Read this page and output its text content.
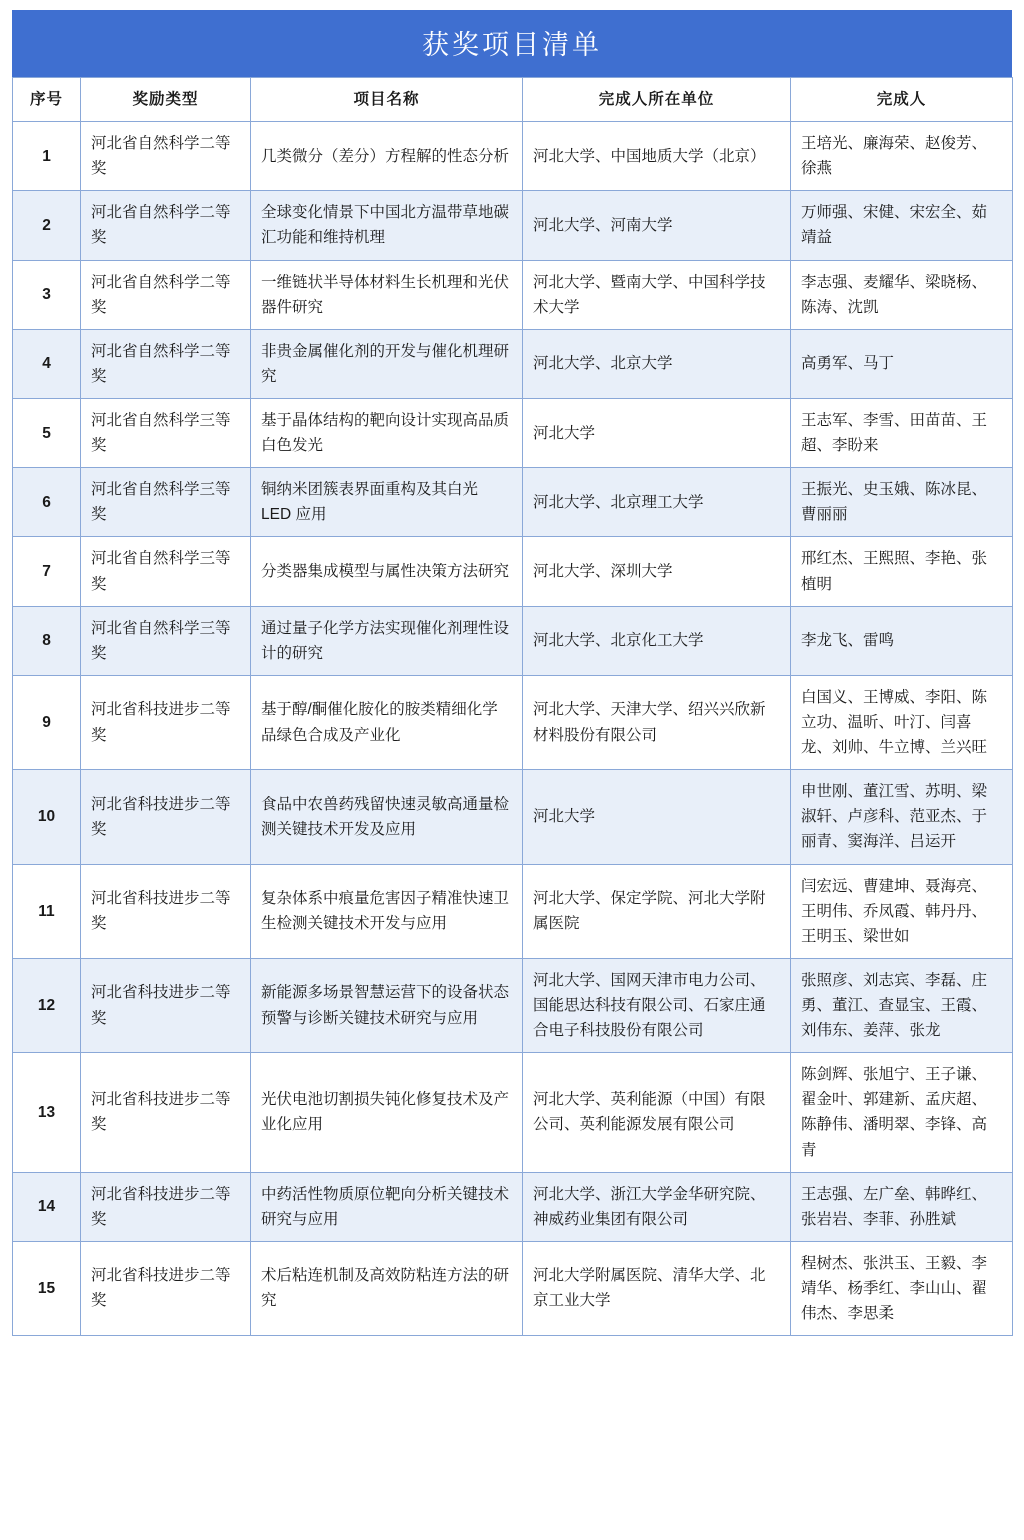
获奖项目清单
序号	奖励类型	项目名称	完成人所在单位	完成人
1	河北省自然科学二等奖	几类微分（差分）方程解的性态分析	河北大学、中国地质大学（北京）	王培光、廉海荣、赵俊芳、徐燕
2	河北省自然科学二等奖	全球变化情景下中国北方温带草地碳汇功能和维持机理	河北大学、河南大学	万师强、宋健、宋宏全、茹靖益
3	河北省自然科学二等奖	一维链状半导体材料生长机理和光伏器件研究	河北大学、暨南大学、中国科学技术大学	李志强、麦耀华、梁晓杨、陈涛、沈凯
4	河北省自然科学二等奖	非贵金属催化剂的开发与催化机理研究	河北大学、北京大学	高勇军、马丁
5	河北省自然科学三等奖	基于晶体结构的靶向设计实现高品质白色发光	河北大学	王志军、李雪、田苗苗、王超、李盼来
6	河北省自然科学三等奖	铜纳米团簇表界面重构及其白光 LED 应用	河北大学、北京理工大学	王振光、史玉娥、陈冰昆、曹丽丽
7	河北省自然科学三等奖	分类器集成模型与属性决策方法研究	河北大学、深圳大学	邢红杰、王熙照、李艳、张植明
8	河北省自然科学三等奖	通过量子化学方法实现催化剂理性设计的研究	河北大学、北京化工大学	李龙飞、雷鸣
9	河北省科技进步二等奖	基于醇/酮催化胺化的胺类精细化学品绿色合成及产业化	河北大学、天津大学、绍兴兴欣新材料股份有限公司	白国义、王博威、李阳、陈立功、温昕、叶汀、闫喜龙、刘帅、牛立博、兰兴旺
10	河北省科技进步二等奖	食品中农兽药残留快速灵敏高通量检测关键技术开发及应用	河北大学	申世刚、董江雪、苏明、梁淑轩、卢彦科、范亚杰、于丽青、窦海洋、吕运开
11	河北省科技进步二等奖	复杂体系中痕量危害因子精准快速卫生检测关键技术开发与应用	河北大学、保定学院、河北大学附属医院	闫宏远、曹建坤、聂海亮、王明伟、乔凤霞、韩丹丹、王明玉、梁世如
12	河北省科技进步二等奖	新能源多场景智慧运营下的设备状态预警与诊断关键技术研究与应用	河北大学、国网天津市电力公司、国能思达科技有限公司、石家庄通合电子科技股份有限公司	张照彦、刘志宾、李磊、庄勇、董江、查显宝、王霞、刘伟东、姜萍、张龙
13	河北省科技进步二等奖	光伏电池切割损失钝化修复技术及产业化应用	河北大学、英利能源（中国）有限公司、英利能源发展有限公司	陈剑辉、张旭宁、王子谦、翟金叶、郭建新、孟庆超、陈静伟、潘明翠、李锋、高青
14	河北省科技进步二等奖	中药活性物质原位靶向分析关键技术研究与应用	河北大学、浙江大学金华研究院、神威药业集团有限公司	王志强、左广垒、韩晔红、张岩岩、李菲、孙胜斌
15	河北省科技进步二等奖	术后粘连机制及高效防粘连方法的研究	河北大学附属医院、清华大学、北京工业大学	程树杰、张洪玉、王毅、李靖华、杨季红、李山山、翟伟杰、李思柔
